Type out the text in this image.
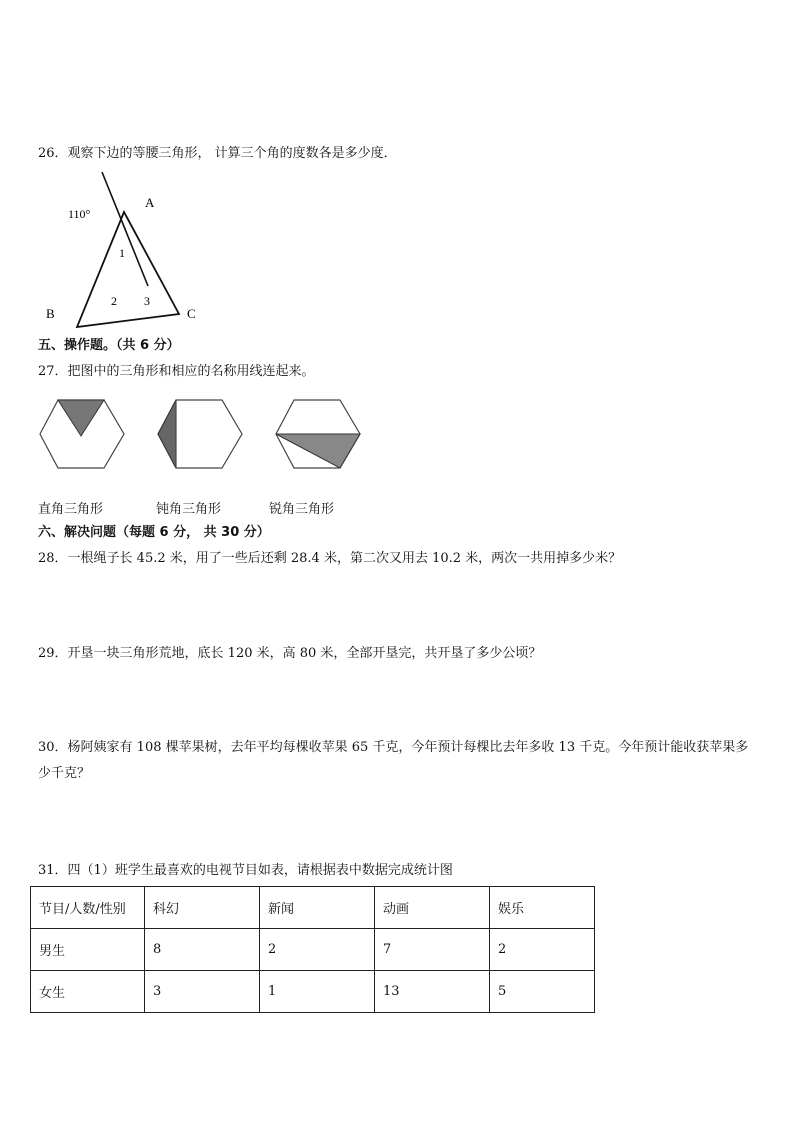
26．观察下边的等腰三角形， 计算三个角的度数各是多少度．
110°
A
B	C
1
2 3
五、操作题。（共 6 分）
27．把图中的三角形和相应的名称用线连起来。
直角三角形	钝角三角形	锐角三角形
六、解决问题（每题 6 分， 共 30 分）
28．一根绳子长 45.2 米，用了一些后还剩 28.4 米，第二次又用去 10.2 米，两次一共用掉多少米？
29．开垦一块三角形荒地，底长 120 米，高 80 米，全部开垦完，共开垦了多少公顷？
30．杨阿姨家有 108 棵苹果树，去年平均每棵收苹果 65 千克，今年预计每棵比去年多收 13 千克。今年预计能收获苹果多少千克？
31．四（1）班学生最喜欢的电视节目如表，请根据表中数据完成统计图
节目/人数/性别	科幻	新闻	动画	娱乐
男生	8	2	7	2
女生	3	1	13	5
